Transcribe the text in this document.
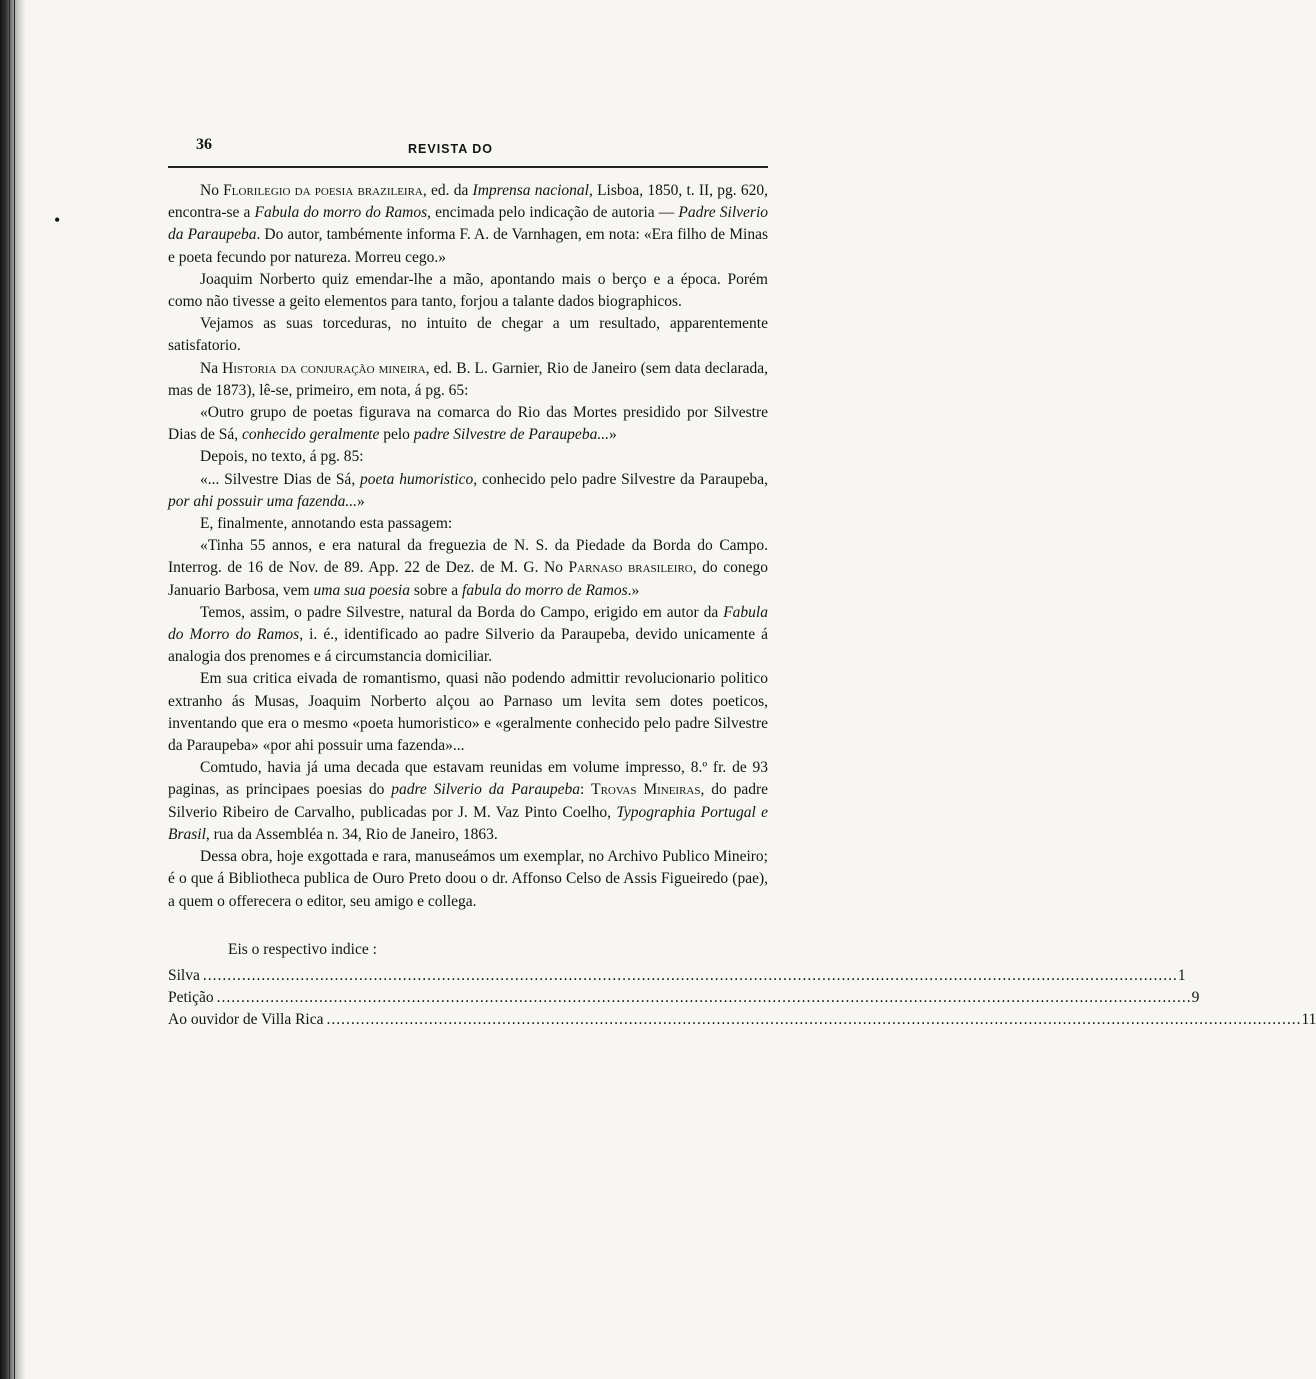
•
36	REVISTA DO

No Florilegio da poesia brazileira, ed. da Imprensa nacional, Lisboa, 1850, t. II, pg. 620, encontra-se a Fabula do morro do Ramos, encimada pelo indicação de autoria — Padre Silverio da Paraupeba. Do autor, tambémente informa F. A. de Varnhagen, em nota: «Era filho de Minas e poeta fecundo por natureza. Morreu cego.»

Joaquim Norberto quiz emendar-lhe a mão, apontando mais o berço e a época. Porém como não tivesse a geito elementos para tanto, forjou a talante dados biographicos.

Vejamos as suas torceduras, no intuito de chegar a um resultado, apparentemente satisfatorio.

Na Historia da conjuração mineira, ed. B. L. Garnier, Rio de Janeiro (sem data declarada, mas de 1873), lê-se, primeiro, em nota, á pg. 65:

«Outro grupo de poetas figurava na comarca do Rio das Mortes presidido por Silvestre Dias de Sá, conhecido geralmente pelo padre Silvestre de Paraupeba...»

Depois, no texto, á pg. 85:

«... Silvestre Dias de Sá, poeta humoristico, conhecido pelo padre Silvestre da Paraupeba, por ahi possuir uma fazenda...»

E, finalmente, annotando esta passagem:

«Tinha 55 annos, e era natural da freguezia de N. S. da Piedade da Borda do Campo. Interrog. de 16 de Nov. de 89. App. 22 de Dez. de M. G. No Parnaso brasileiro, do conego Januario Barbosa, vem uma sua poesia sobre a fabula do morro de Ramos.»

Temos, assim, o padre Silvestre, natural da Borda do Campo, erigido em autor da Fabula do Morro do Ramos, i. é., identificado ao padre Silverio da Paraupeba, devido unicamente á analogia dos prenomes e á circumstancia domiciliar.

Em sua critica eivada de romantismo, quasi não podendo admittir revolucionario politico extranho ás Musas, Joaquim Norberto alçou ao Parnaso um levita sem dotes poeticos, inventando que era o mesmo «poeta humoristico» e «geralmente conhecido pelo padre Silvestre da Paraupeba» «por ahi possuir uma fazenda»...

Comtudo, havia já uma decada que estavam reunidas em volume impresso, 8.º fr. de 93 paginas, as principaes poesias do padre Silverio da Paraupeba: Trovas Mineiras, do padre Silverio Ribeiro de Carvalho, publicadas por J. M. Vaz Pinto Coelho, Typographia Portugal e Brasil, rua da Assembléa n. 34, Rio de Janeiro, 1863.

Dessa obra, hoje exgottada e rara, manuseámos um exemplar, no Archivo Publico Mineiro; é o que á Bibliotheca publica de Ouro Preto doou o dr. Affonso Celso de Assis Figueiredo (pae), a quem o offerecera o editor, seu amigo e collega.

Eis o respectivo indice :

Silva ........................................................................................................................................................................................................ 1
Petição ........................................................................................................................................................................................................ 9
Ao ouvidor de Villa Rica ........................................................................................................................................................................................................ 11
